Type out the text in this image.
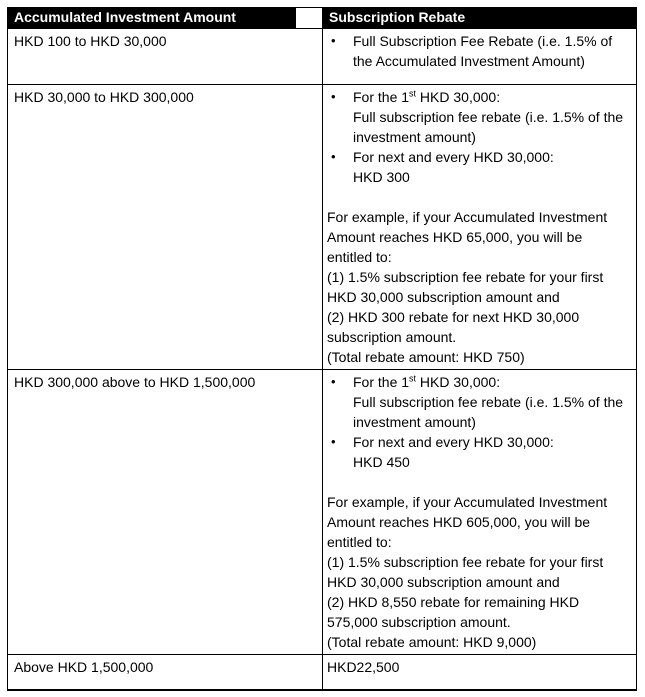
Accumulated Investment Amount	Subscription Rebate
HKD 100 to HKD 30,000	•	Full Subscription Fee Rebate (i.e. 1.5% of the Accumulated Investment Amount)
HKD 30,000 to HKD 300,000	•	For the 1st HKD 30,000:
Full subscription fee rebate (i.e. 1.5% of the investment amount)
•	For next and every HKD 30,000:
HKD 300
For example, if your Accumulated Investment Amount reaches HKD 65,000, you will be entitled to:
(1) 1.5% subscription fee rebate for your first HKD 30,000 subscription amount and
(2) HKD 300 rebate for next HKD 30,000 subscription amount.
(Total rebate amount: HKD 750)
HKD 300,000 above to HKD 1,500,000	•	For the 1st HKD 30,000:
Full subscription fee rebate (i.e. 1.5% of the investment amount)
•	For next and every HKD 30,000:
HKD 450
For example, if your Accumulated Investment Amount reaches HKD 605,000, you will be entitled to:
(1) 1.5% subscription fee rebate for your first HKD 30,000 subscription amount and
(2) HKD 8,550 rebate for remaining HKD 575,000 subscription amount.
(Total rebate amount: HKD 9,000)
Above HKD 1,500,000	HKD22,500
